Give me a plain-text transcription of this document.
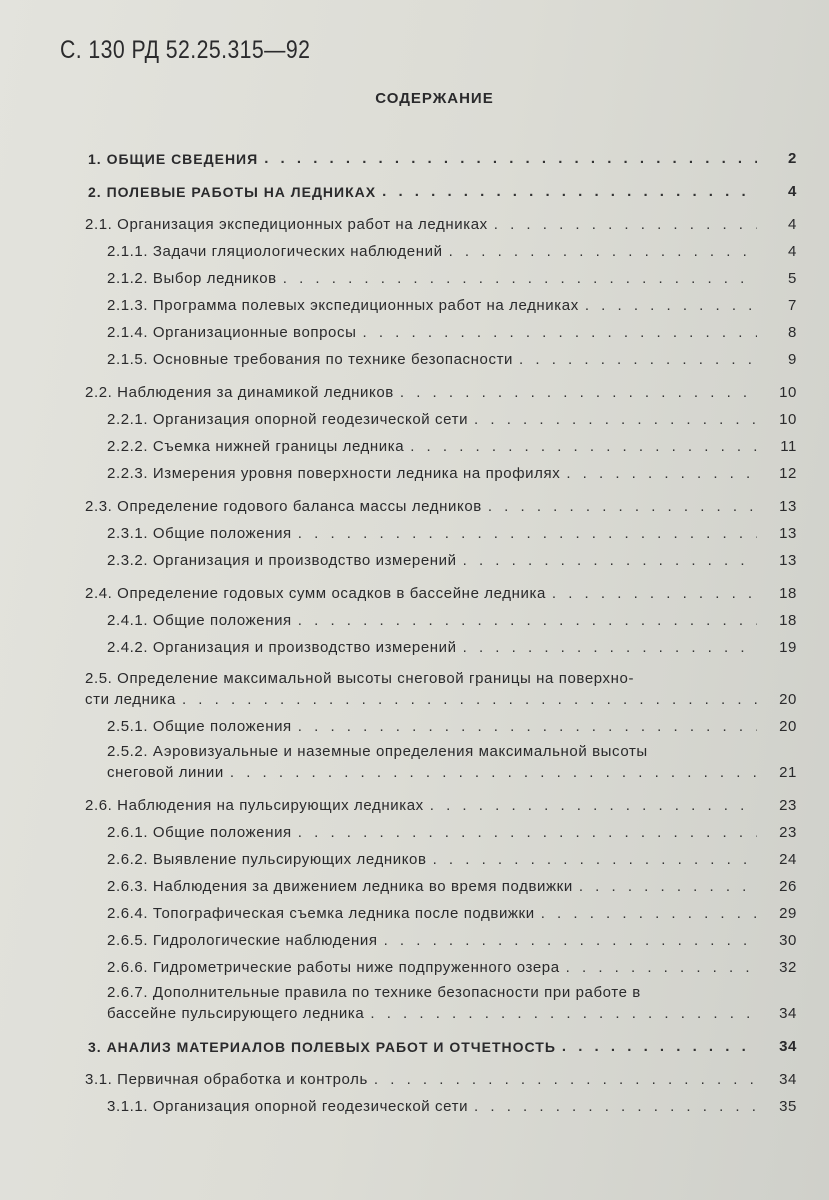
С. 130 РД 52.25.315—92
СОДЕРЖАНИЕ
1. ОБЩИЕ СВЕДЕНИЯ . . .	2
2. ПОЛЕВЫЕ РАБОТЫ НА ЛЕДНИКАХ . . .	4
2.1. Организация экспедиционных работ на ледниках . . .	4
2.1.1. Задачи гляциологических наблюдений . . .	4
2.1.2. Выбор ледников . . .	5
2.1.3. Программа полевых экспедиционных работ на ледниках . . .	7
2.1.4. Организационные вопросы . . .	8
2.1.5. Основные требования по технике безопасности . . .	9
2.2. Наблюдения за динамикой ледников . . .	10
2.2.1. Организация опорной геодезической сети . . .	10
2.2.2. Съемка нижней границы ледника . . .	11
2.2.3. Измерения уровня поверхности ледника на профилях . . .	12
2.3. Определение годового баланса массы ледников . . .	13
2.3.1. Общие положения . . .	13
2.3.2. Организация и производство измерений . . .	13
2.4. Определение годовых сумм осадков в бассейне ледника . . .	18
2.4.1. Общие положения . . .	18
2.4.2. Организация и производство измерений . . .	19
2.5. Определение максимальной высоты снеговой границы на поверхно-
сти ледника . . .	20
2.5.1. Общие положения . . .	20
2.5.2. Аэровизуальные и наземные определения максимальной высоты
снеговой линии . . .	21
2.6. Наблюдения на пульсирующих ледниках . . .	23
2.6.1. Общие положения . . .	23
2.6.2. Выявление пульсирующих ледников . . .	24
2.6.3. Наблюдения за движением ледника во время подвижки . . .	26
2.6.4. Топографическая съемка ледника после подвижки . . .	29
2.6.5. Гидрологические наблюдения . . .	30
2.6.6. Гидрометрические работы ниже подпруженного озера . . .	32
2.6.7. Дополнительные правила по технике безопасности при работе в
бассейне пульсирующего ледника . . .	34
3. АНАЛИЗ МАТЕРИАЛОВ ПОЛЕВЫХ РАБОТ И ОТЧЕТНОСТЬ . . .	34
3.1. Первичная обработка и контроль . . .	34
3.1.1. Организация опорной геодезической сети . . .	35
